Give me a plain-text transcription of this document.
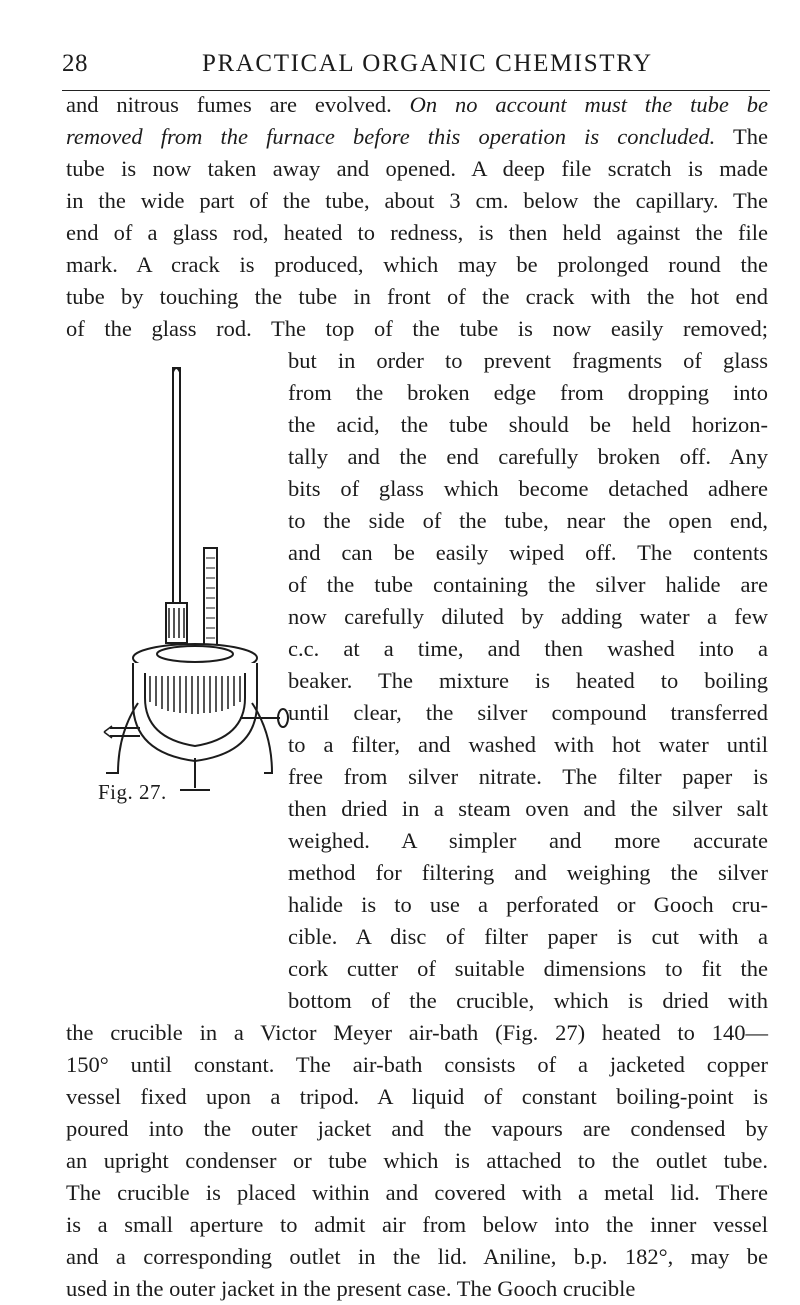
28	PRACTICAL ORGANIC CHEMISTRY
and nitrous fumes are evolved. On no account must the tube be
removed from the furnace before this operation is concluded. The
tube is now taken away and opened. A deep file scratch is made
in the wide part of the tube, about 3 cm. below the capillary. The
end of a glass rod, heated to redness, is then held against the file
mark. A crack is produced, which may be prolonged round the
tube by touching the tube in front of the crack with the hot end
of the glass rod. The top of the tube is now easily removed;
but in order to prevent fragments of glass
from the broken edge from dropping into
the acid, the tube should be held horizon-
tally and the end carefully broken off. Any
bits of glass which become detached adhere
to the side of the tube, near the open end,
and can be easily wiped off. The contents
of the tube containing the silver halide are
now carefully diluted by adding water a few
c.c. at a time, and then washed into a
beaker. The mixture is heated to boiling
until clear, the silver compound transferred
to a filter, and washed with hot water until
free from silver nitrate. The filter paper is
then dried in a steam oven and the silver salt
weighed. A simpler and more accurate
method for filtering and weighing the silver
halide is to use a perforated or Gooch cru-
cible. A disc of filter paper is cut with a
cork cutter of suitable dimensions to fit the
bottom of the crucible, which is dried with
the crucible in a Victor Meyer air-bath (Fig. 27) heated to 140—
150° until constant. The air-bath consists of a jacketed copper
vessel fixed upon a tripod. A liquid of constant boiling-point is
poured into the outer jacket and the vapours are condensed by
an upright condenser or tube which is attached to the outlet tube.
The crucible is placed within and covered with a metal lid. There
is a small aperture to admit air from below into the inner vessel
and a corresponding outlet in the lid. Aniline, b.p. 182°, may be
used in the outer jacket in the present case. The Gooch crucible
Fig. 27.
